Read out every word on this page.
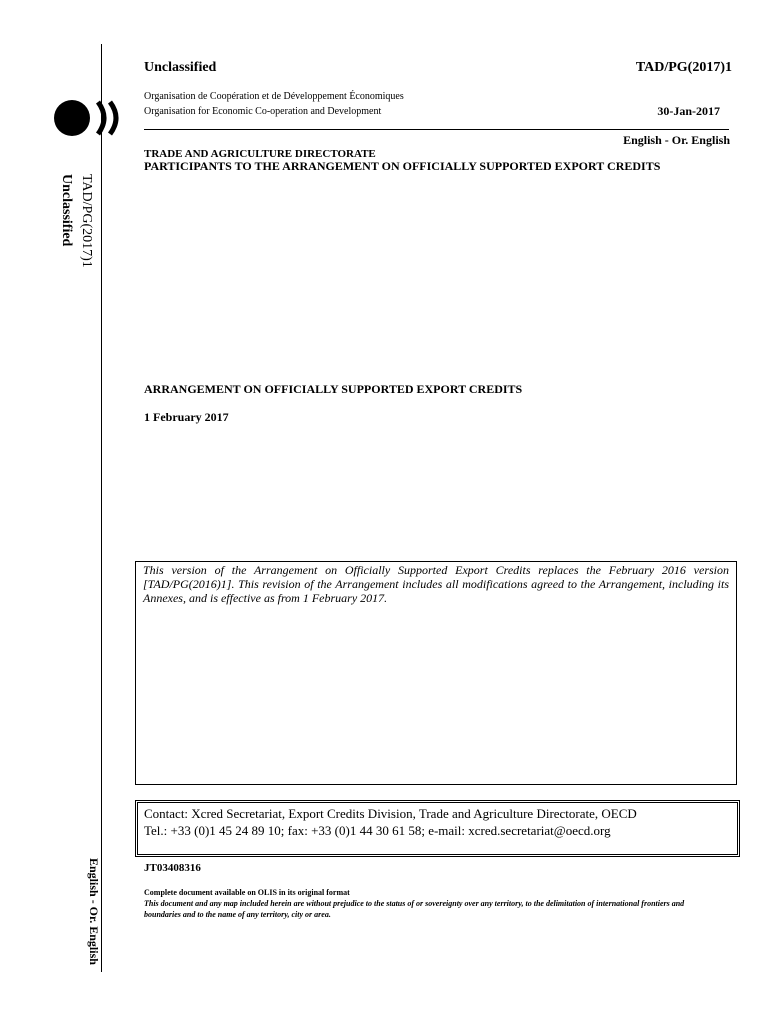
TAD/PG(2017)1
Unclassified
English - Or. English
Unclassified	TAD/PG(2017)1
Organisation de Coopération et de Développement Économiques
Organisation for Economic Co-operation and Development	30-Jan-2017
English - Or. English
TRADE AND AGRICULTURE DIRECTORATE
PARTICIPANTS TO THE ARRANGEMENT ON OFFICIALLY SUPPORTED EXPORT CREDITS
ARRANGEMENT ON OFFICIALLY SUPPORTED EXPORT CREDITS
1 February 2017

This version of the Arrangement on Officially Supported Export Credits replaces the February 2016 version [TAD/PG(2016)1]. This revision of the Arrangement includes all modifications agreed to the Arrangement, including its Annexes, and is effective as from 1 February 2017.

Contact: Xcred Secretariat, Export Credits Division, Trade and Agriculture Directorate, OECD
Tel.: +33 (0)1 45 24 89 10; fax: +33 (0)1 44 30 61 58; e-mail: xcred.secretariat@oecd.org
JT03408316
Complete document available on OLIS in its original format
This document and any map included herein are without prejudice to the status of or sovereignty over any territory, to the delimitation of international frontiers and boundaries and to the name of any territory, city or area.
